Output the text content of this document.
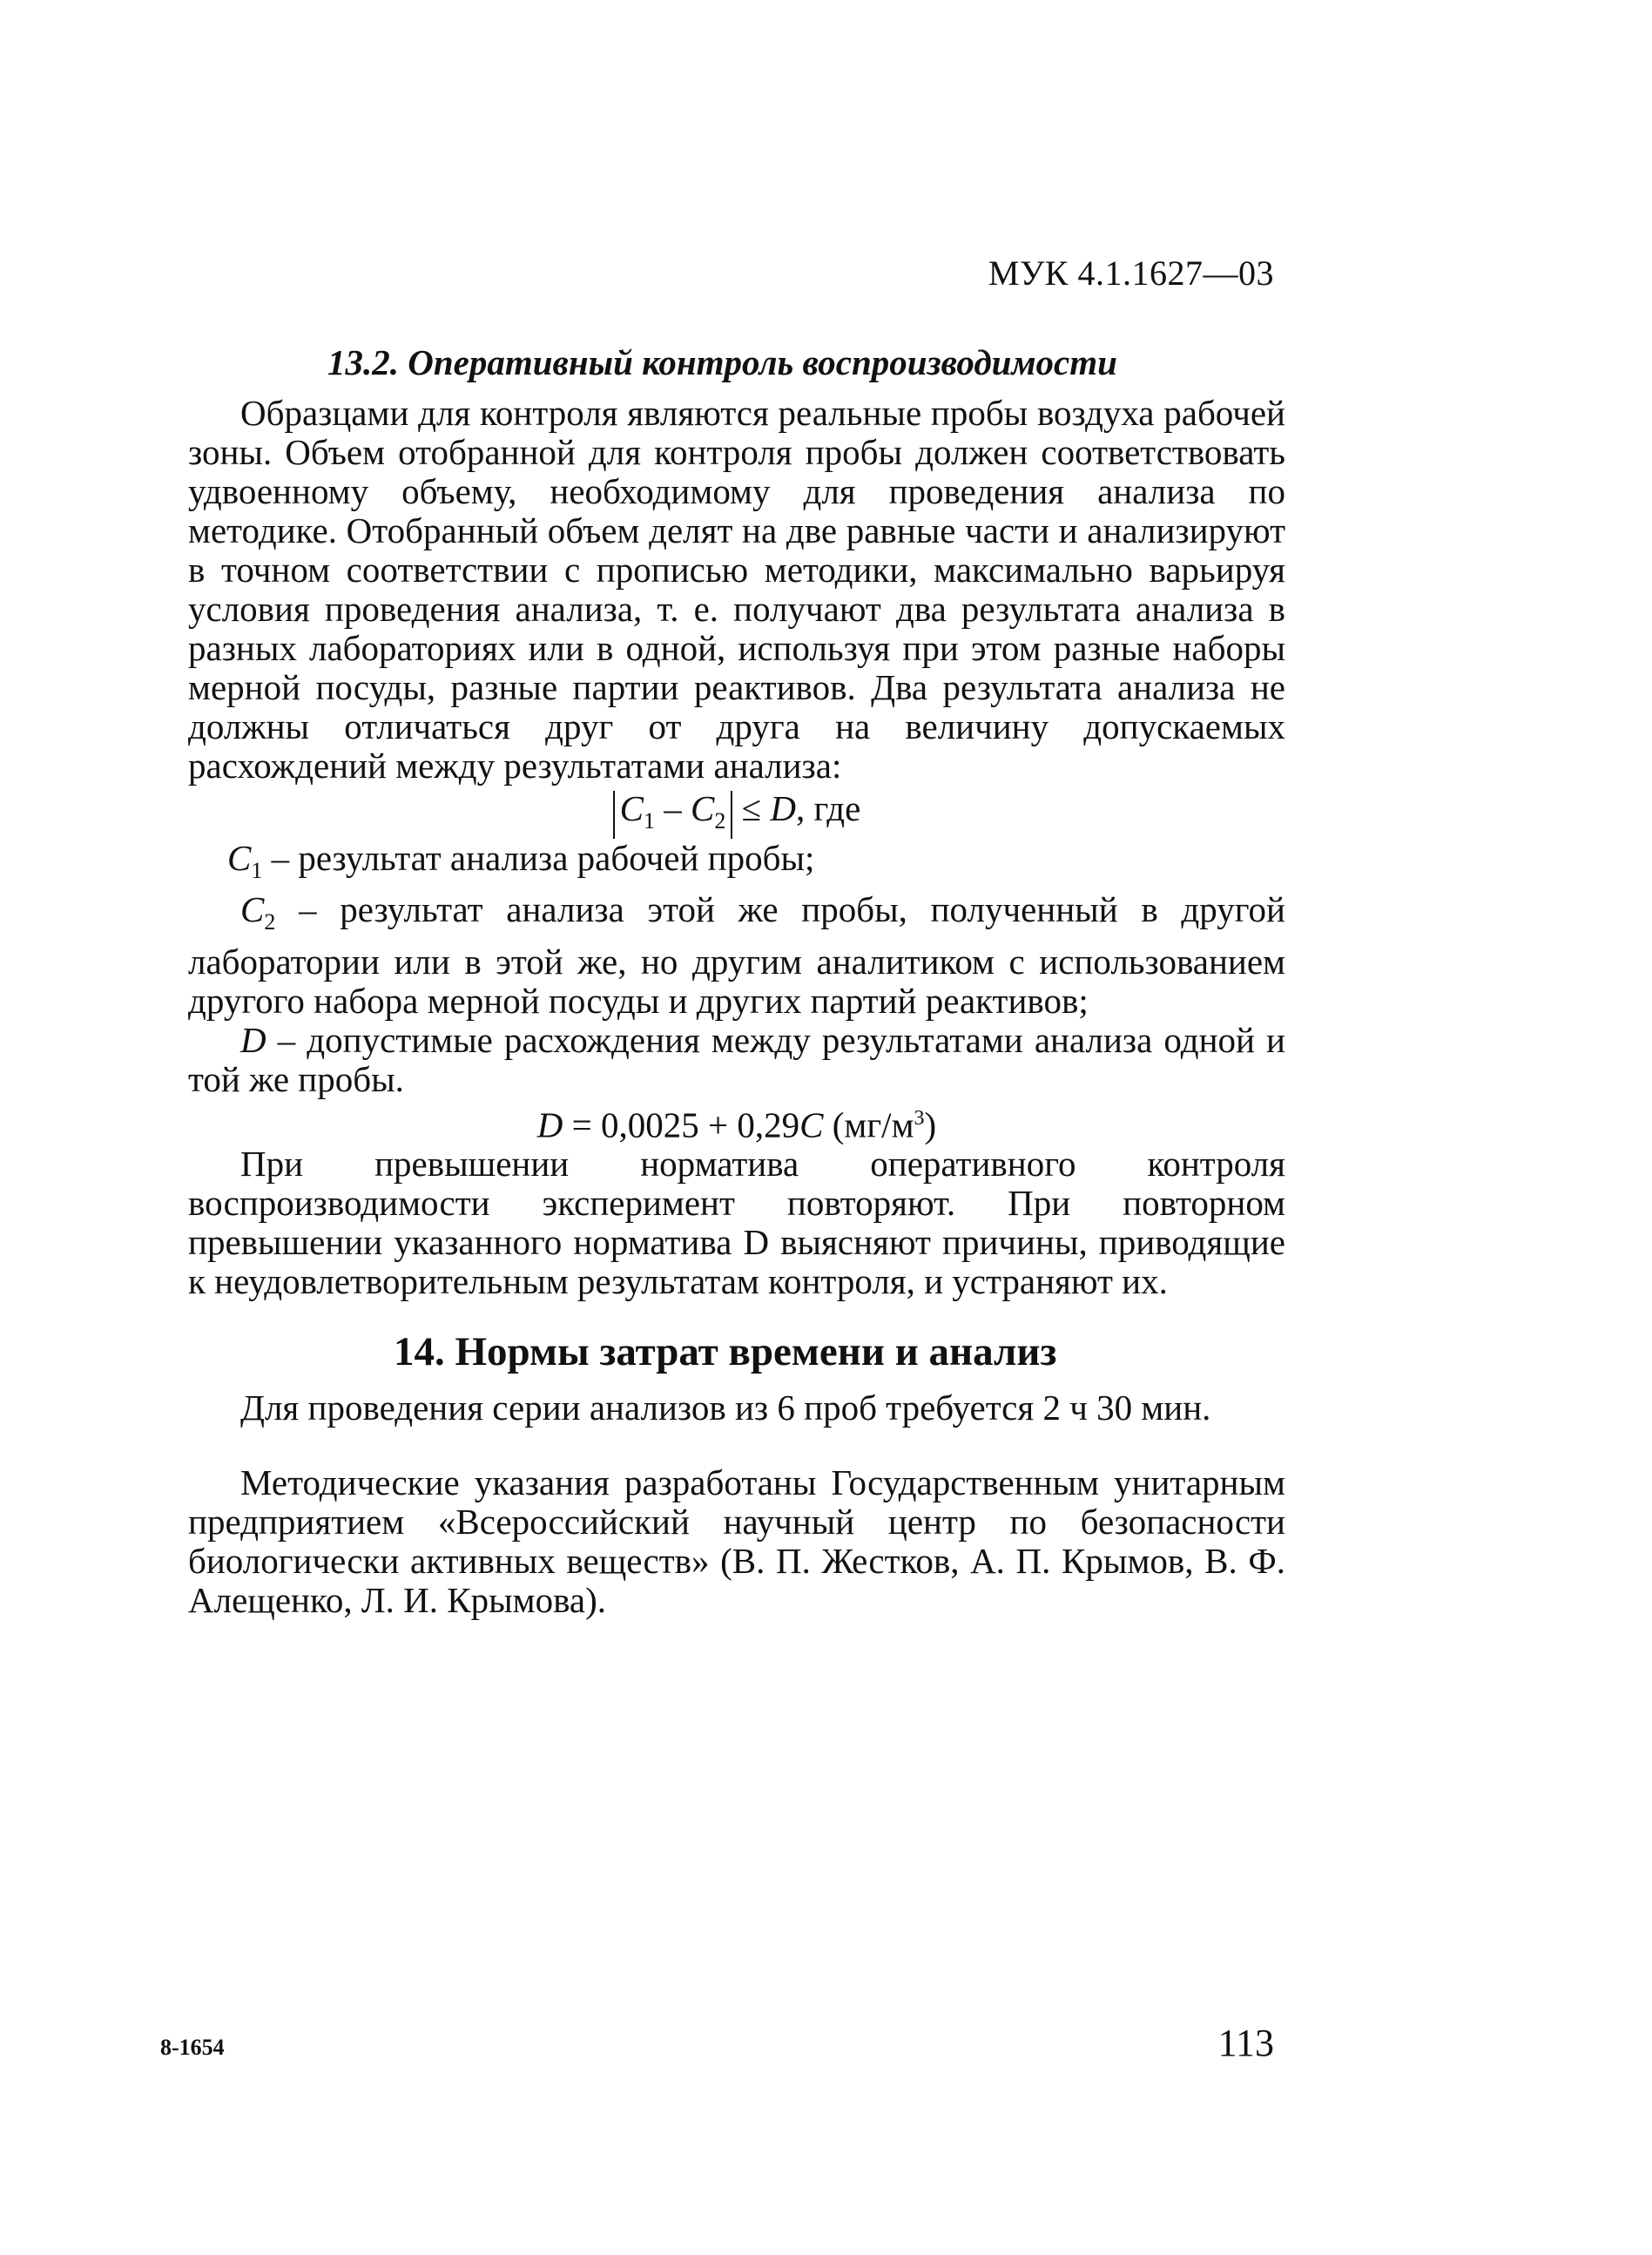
МУК 4.1.1627—03
13.2. Оперативный контроль воспроизводимости

Образцами для контроля являются реальные пробы воздуха рабочей зоны. Объем отобранной для контроля пробы должен соответствовать удвоенному объему, необходимому для проведения анализа по методике. Отобранный объем делят на две равные части и анализируют в точном соответствии с прописью методики, максимально варьируя условия проведения анализа, т. е. получают два результата анализа в разных лабораториях или в одной, используя при этом разные наборы мерной посуды, разные партии реактивов. Два результата анализа не должны отличаться друг от друга на величину допускаемых расхождений между результатами анализа:

$C_1 - C_2 \le D$, где

$C_1$ – результат анализа рабочей пробы;

$C_2$ – результат анализа этой же пробы, полученный в другой лаборатории или в этой же, но другим аналитиком с использованием другого набора мерной посуды и других партий реактивов;

D – допустимые расхождения между результатами анализа одной и той же пробы.

D = 0,0025 + 0,29C $(мг/м^3)$

При превышении норматива оперативного контроля воспроизводимости эксперимент повторяют. При повторном превышении указанного норматива D выясняют причины, приводящие к неудовлетворительным результатам контроля, и устраняют их.

14. Нормы затрат времени и анализ
Для проведения серии анализов из 6 проб требуется 2 ч 30 мин.

Методические указания разработаны Государственным унитарным предприятием «Всероссийский научный центр по безопасности биологически активных веществ» (В. П. Жестков, А. П. Крымов, В. Ф. Алещенко, Л. И. Крымова).

8-1654	113
